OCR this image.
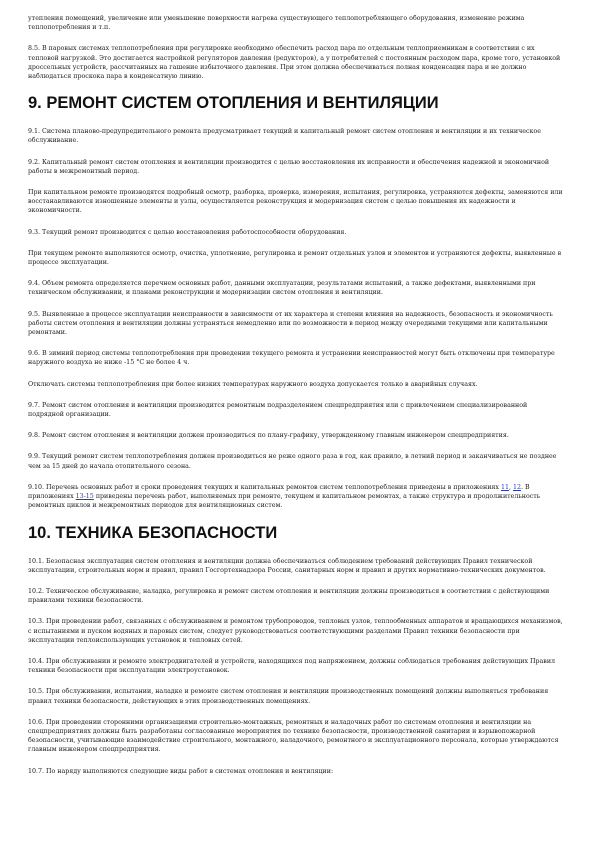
утепления помещений, увеличение или уменьшение поверхности нагрева существующего теплопотребляющего оборудования, изменение режима теплопотребления и т.п.

8.5. В паровых системах теплопотребления при регулировке необходимо обеспечить расход пара по отдельным теплоприемникам в соответствии с их тепловой нагрузкой. Это достигается настройкой регуляторов давления (редукторов), а у потребителей с постоянным расходом пара, кроме того, установкой дроссельных устройств, рассчитанных на гашение избыточного давления. При этом должна обеспечиваться полная конденсация пара и не должно наблюдаться проскока пара в конденсатную линию.

9. РЕМОНТ СИСТЕМ ОТОПЛЕНИЯ И ВЕНТИЛЯЦИИ

9.1. Система планово-предупредительного ремонта предусматривает текущий и капитальный ремонт систем отопления и вентиляции и их техническое обслуживание.

9.2. Капитальный ремонт систем отопления и вентиляции производится с целью восстановления их исправности и обеспечения надежной и экономичной работы в межремонтный период.

При капитальном ремонте производятся подробный осмотр, разборка, проверка, измерения, испытания, регулировка, устраняются дефекты, заменяются или восстанавливаются изношенные элементы и узлы, осуществляется реконструкция и модернизация систем с целью повышения их надежности и экономичности.

9.3. Текущий ремонт производится с целью восстановления работоспособности оборудования.

При текущем ремонте выполняются осмотр, очистка, уплотнение, регулировка и ремонт отдельных узлов и элементов и устраняются дефекты, выявленные в процессе эксплуатации.

9.4. Объем ремонта определяется перечнем основных работ, данными эксплуатации, результатами испытаний, а также дефектами, выявленными при техническом обслуживании, и планами реконструкции и модернизации систем отопления и вентиляции.

9.5. Выявленные в процессе эксплуатации неисправности в зависимости от их характера и степени влияния на надежность, безопасность и экономичность работы систем отопления и вентиляции должны устраняться немедленно или по возможности в период между очередными текущими или капитальными ремонтами.

9.6. В зимний период системы теплопотребления при проведении текущего ремонта и устранении неисправностей могут быть отключены при температуре наружного воздуха не ниже -15 °С не более 4 ч.

Отключать системы теплопотребления при более низких температурах наружного воздуха допускается только в аварийных случаях.

9.7. Ремонт систем отопления и вентиляции производится ремонтным подразделением спецпредприятия или с привлечением специализированной подрядной организации.

9.8. Ремонт систем отопления и вентиляции должен производиться по плану-графику, утвержденному главным инженером спецпредприятия.

9.9. Текущий ремонт систем теплопотребления должен производиться не реже одного раза в год, как правило, в летний период и заканчиваться не позднее чем за 15 дней до начала отопительного сезона.

9.10. Перечень основных работ и сроки проведения текущих и капитальных ремонтов систем теплопотребления приведены в приложениях 11, 12. В приложениях 13-15 приведены перечень работ, выполняемых при ремонте, текущем и капитальном ремонтах, а также структура и продолжительность ремонтных циклов и межремонтных периодов для вентиляционных систем.

10. ТЕХНИКА БЕЗОПАСНОСТИ

10.1. Безопасная эксплуатация систем отопления и вентиляции должна обеспечиваться соблюдением требований действующих Правил технической эксплуатации, строительных норм и правил, правил Госгортехнадзора России, санитарных норм и правил и других нормативно-технических документов.

10.2. Техническое обслуживание, наладка, регулировка и ремонт систем отопления и вентиляции должны производиться в соответствии с действующими правилами техники безопасности.

10.3. При проведении работ, связанных с обслуживанием и ремонтом трубопроводов, тепловых узлов, теплообменных аппаратов и вращающихся механизмов, с испытаниями и пуском водяных и паровых систем, следует руководствоваться соответствующими разделами Правил техники безопасности при эксплуатации теплоиспользующих установок и тепловых сетей.

10.4. При обслуживании и ремонте электродвигателей и устройств, находящихся под напряжением, должны соблюдаться требования действующих Правил техники безопасности при эксплуатации электроустановок.

10.5. При обслуживании, испытании, наладке и ремонте систем отопления и вентиляции производственных помещений должны выполняться требования правил техники безопасности, действующих в этих производственных помещениях.

10.6. При проведении сторонними организациями строительно-монтажных, ремонтных и наладочных работ по системам отопления и вентиляции на спецпредприятиях должны быть разработаны согласованные мероприятия по технике безопасности, производственной санитарии и взрывопожарной безопасности, учитывающие взаимодействие строительного, монтажного, наладочного, ремонтного и эксплуатационного персонала, которые утверждаются главным инженером спецпредприятия.

10.7. По наряду выполняются следующие виды работ в системах отопления и вентиляции:
